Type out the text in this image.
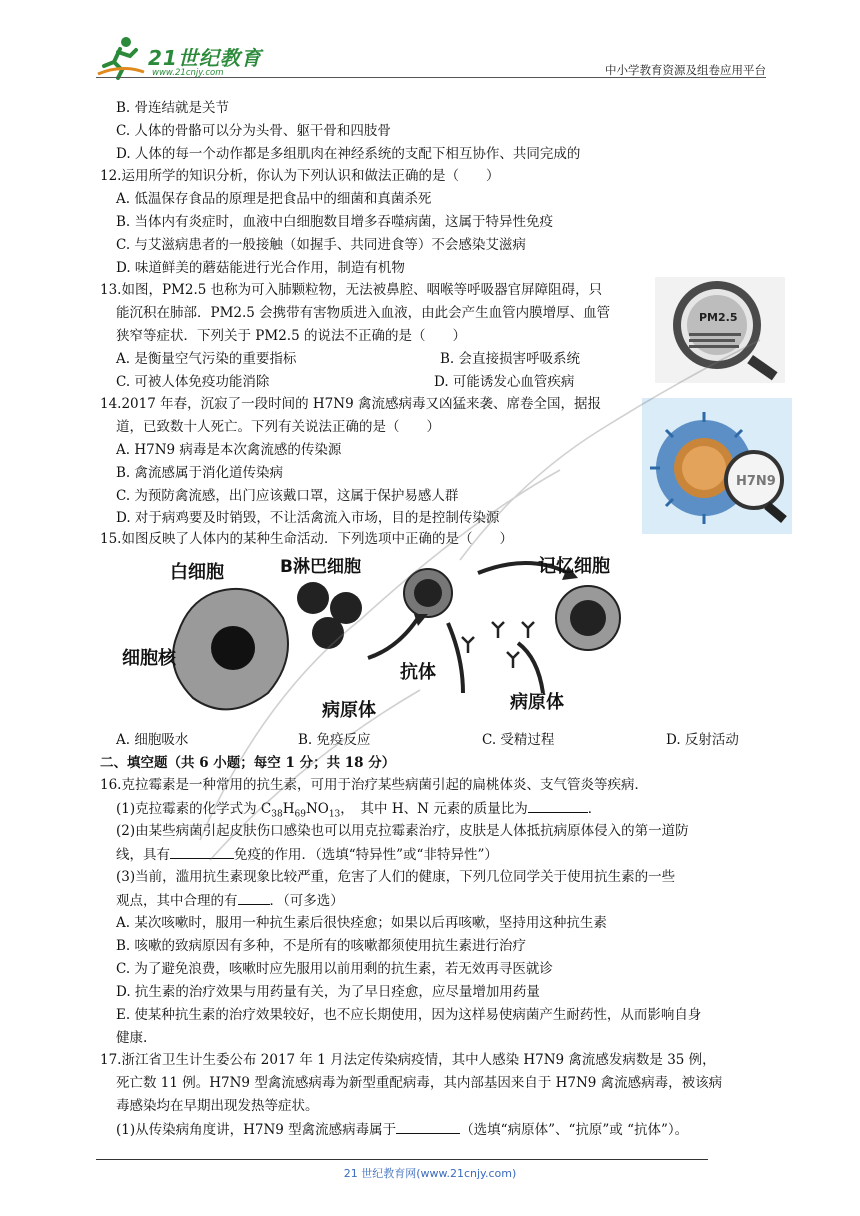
21世纪教育
www.21cnjy.com	中小学教育资源及组卷应用平台
B. 骨连结就是关节
C. 人体的骨骼可以分为头骨、躯干骨和四肢骨
D. 人体的每一个动作都是多组肌肉在神经系统的支配下相互协作、共同完成的
12.运用所学的知识分析，你认为下列认识和做法正确的是（　　）
A. 低温保存食品的原理是把食品中的细菌和真菌杀死
B. 当体内有炎症时，血液中白细胞数目增多吞噬病菌，这属于特异性免疫
C. 与艾滋病患者的一般接触（如握手、共同进食等）不会感染艾滋病
D. 味道鲜美的蘑菇能进行光合作用，制造有机物
13.如图，PM2.5 也称为可入肺颗粒物，无法被鼻腔、咽喉等呼吸器官屏障阻碍，只
能沉积在肺部．PM2.5 会携带有害物质进入血液，由此会产生血管内膜增厚、血管
狭窄等症状．下列关于 PM2.5 的说法不正确的是（　　）
A. 是衡量空气污染的重要指标	B. 会直接损害呼吸系统
C. 可被人体免疫功能消除	D. 可能诱发心血管疾病
14.2017 年春，沉寂了一段时间的 H7N9 禽流感病毒又凶猛来袭、席卷全国，据报
道，已致数十人死亡。下列有关说法正确的是（　　）
A. H7N9 病毒是本次禽流感的传染源
B. 禽流感属于消化道传染病
C. 为预防禽流感，出门应该戴口罩，这属于保护易感人群
D. 对于病鸡要及时销毁，不让活禽流入市场，目的是控制传染源
15.如图反映了人体内的某种生命活动．下列选项中正确的是（　　）
A. 细胞吸水	B. 免疫反应	C. 受精过程	D. 反射活动
二、填空题（共 6 小题；每空 1 分；共 18 分）
16.克拉霉素是一种常用的抗生素，可用于治疗某些病菌引起的扁桃体炎、支气管炎等疾病．
(1)克拉霉素的化学式为 $C_{38}H_{69}NO_{13}$，　其中 H、N 元素的质量比为	．
(2)由某些病菌引起皮肤伤口感染也可以用克拉霉素治疗，皮肤是人体抵抗病原体侵入的第一道防
线，具有	免疫的作用．（选填“特异性”或“非特异性”）
(3)当前，滥用抗生素现象比较严重，危害了人们的健康，下列几位同学关于使用抗生素的一些
观点，其中合理的有 ．（可多选）
A. 某次咳嗽时，服用一种抗生素后很快痊愈；如果以后再咳嗽，坚持用这种抗生素
B. 咳嗽的致病原因有多种，不是所有的咳嗽都须使用抗生素进行治疗
C. 为了避免浪费，咳嗽时应先服用以前用剩的抗生素，若无效再寻医就诊
D. 抗生素的治疗效果与用药量有关，为了早日痊愈，应尽量增加用药量
E. 使某种抗生素的治疗效果较好，也不应长期使用，因为这样易使病菌产生耐药性，从而影响自身
健康.
17.浙江省卫生计生委公布 2017 年 1 月法定传染病疫情，其中人感染 H7N9 禽流感发病数是 35 例，
死亡数 11 例。H7N9 型禽流感病毒为新型重配病毒，其内部基因来自于 H7N9 禽流感病毒，被该病
毒感染均在早期出现发热等症状。
(1)从传染病角度讲，H7N9 型禽流感病毒属于	（选填“病原体”、“抗原”或 “抗体”）。
PM2.5
H7N9
白细胞	B淋巴细胞	记忆细胞
细胞核
抗体
病原体	病原体
21 世纪教育网(www.21cnjy.com)
